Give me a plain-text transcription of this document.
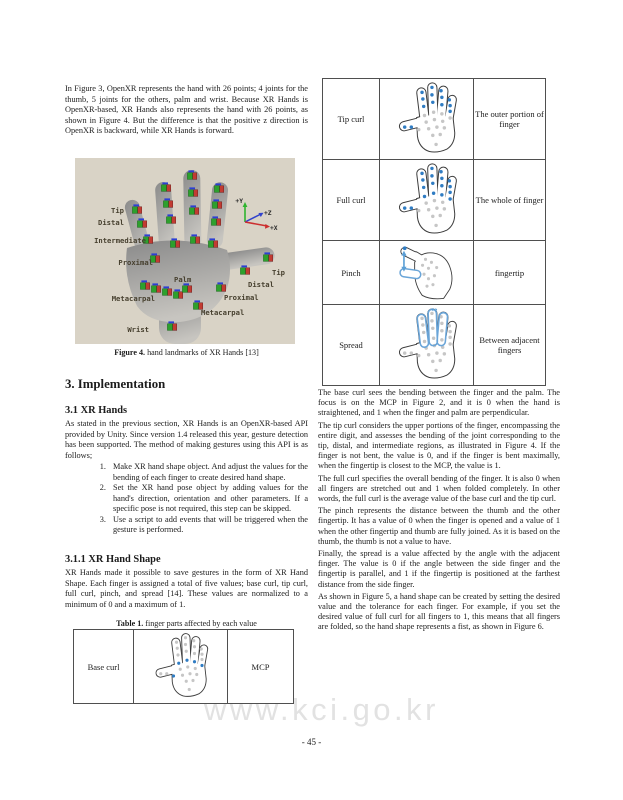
www.kci.go.kr

In Figure 3, OpenXR represents the hand with 26 points; 4 joints for the thumb, 5 joints for the others, palm and wrist. Because XR Hands is OpenXR-based, XR Hands also represents the hand with 26 points, as shown in Figure 4. But the difference is that the positive z direction is OpenXR is backward, while XR Hands is forward.

Tip
Distal
Intermediate
Proximal
Metacarpal
Wrist
Palm
Tip
Distal
Proximal
Metacarpal
+Y
+Z
+X
Figure 4. hand landmarks of XR Hands [13]
3. Implementation
3.1 XR Hands

As stated in the previous section, XR Hands is an OpenXR-based API provided by Unity. Since version 1.4 released this year, gesture detection has been supported. The method of making gestures using this API is as follows;

1. Make XR hand shape object. And adjust the values for the bending of each finger to create desired hand shape.
2. Set the XR hand pose object by adding values for the hand's direction, orientation and other parameters. If a specific pose is not required, this step can be skipped.
3. Use a script to add events that will be triggered when the gesture is performed.
3.1.1 XR Hand Shape

XR Hands made it possible to save gestures in the form of XR Hand Shape. Each finger is assigned a total of five values; base curl, tip curl, full curl, pinch, and spread [14]. These values are normalized to a minimum of 0 and a maximum of 1.

Table 1. finger parts affected by each value
Base curl		MCP
Tip curl		The outer portion of finger
Full curl		The whole of finger
Pinch		fingertip
Spread	↔	Between adjacent fingers

The base curl sees the bending between the finger and the palm. The focus is on the MCP in Figure 2, and it is 0 when the hand is straightened, and 1 when the finger and palm are perpendicular.

The tip curl considers the upper portions of the finger, encompassing the entire digit, and assesses the bending of the joint corresponding to the tip, distal, and intermediate regions, as illustrated in Figure 4. If the finger is not bent, the value is 0, and if the finger is bent maximally, when the fingertip is closest to the MCP, the value is 1.

The full curl specifies the overall bending of the finger. It is also 0 when all fingers are stretched out and 1 when folded completely. In other words, the full curl is the average value of the base curl and the tip curl.

The pinch represents the distance between the thumb and the other fingertip. It has a value of 0 when the finger is opened and a value of 1 when the other fingertip and thumb are fully joined. As it is based on the thumb, the thumb is not a value to have.

Finally, the spread is a value affected by the angle with the adjacent finger. The value is 0 if the angle between the side finger and the fingertip is parallel, and 1 if the fingertip is positioned at the farthest distance from the side finger.

As shown in Figure 5, a hand shape can be created by setting the desired value and the tolerance for each finger. For example, if you set the desired value of full curl for all fingers to 1, this means that all fingers are folded, so the hand shape represents a fist, as shown in Figure 6.

- 45 -
